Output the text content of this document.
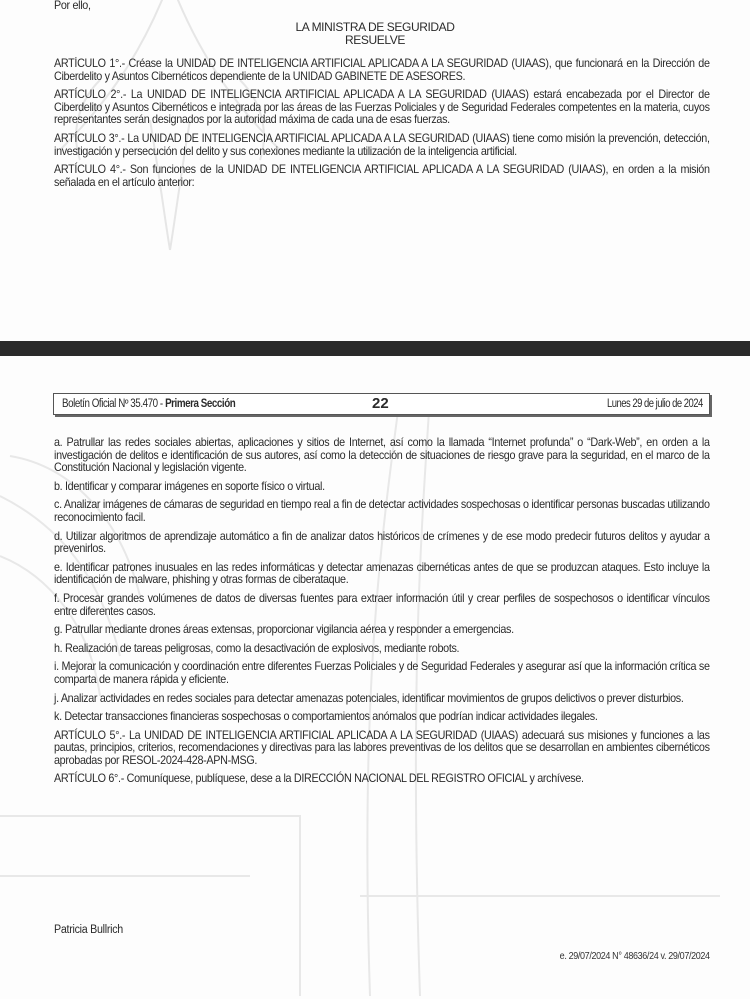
Por ello,

LA MINISTRA DE SEGURIDAD
RESUELVE

ARTÍCULO 1°.- Créase la UNIDAD DE INTELIGENCIA ARTIFICIAL APLICADA A LA SEGURIDAD (UIAAS), que funcionará en la Dirección de Ciberdelito y Asuntos Cibernéticos dependiente de la UNIDAD GABINETE DE ASESORES.

ARTÍCULO 2°.- La UNIDAD DE INTELIGENCIA ARTIFICIAL APLICADA A LA SEGURIDAD (UIAAS) estará encabezada por el Director de Ciberdelito y Asuntos Cibernéticos e integrada por las áreas de las Fuerzas Policiales y de Seguridad Federales competentes en la materia, cuyos representantes serán designados por la autoridad máxima de cada una de esas fuerzas.

ARTÍCULO 3°.- La UNIDAD DE INTELIGENCIA ARTIFICIAL APLICADA A LA SEGURIDAD (UIAAS) tiene como misión la prevención, detección, investigación y persecución del delito y sus conexiones mediante la utilización de la inteligencia artificial.

ARTÍCULO 4°.- Son funciones de la UNIDAD DE INTELIGENCIA ARTIFICIAL APLICADA A LA SEGURIDAD (UIAAS), en orden a la misión señalada en el artículo anterior:

Boletín Oficial Nº 35.470 - Primera Sección	22	Lunes 29 de julio de 2024

a. Patrullar las redes sociales abiertas, aplicaciones y sitios de Internet, así como la llamada “Internet profunda” o “Dark-Web”, en orden a la investigación de delitos e identificación de sus autores, así como la detección de situaciones de riesgo grave para la seguridad, en el marco de la Constitución Nacional y legislación vigente.

b. Identificar y comparar imágenes en soporte físico o virtual.

c. Analizar imágenes de cámaras de seguridad en tiempo real a fin de detectar actividades sospechosas o identificar personas buscadas utilizando reconocimiento facil.

d. Utilizar algoritmos de aprendizaje automático a fin de analizar datos históricos de crímenes y de ese modo predecir futuros delitos y ayudar a prevenirlos.

e. Identificar patrones inusuales en las redes informáticas y detectar amenazas cibernéticas antes de que se produzcan ataques. Esto incluye la identificación de malware, phishing y otras formas de ciberataque.

f. Procesar grandes volúmenes de datos de diversas fuentes para extraer información útil y crear perfiles de sospechosos o identificar vínculos entre diferentes casos.

g. Patrullar mediante drones áreas extensas, proporcionar vigilancia aérea y responder a emergencias.

h. Realización de tareas peligrosas, como la desactivación de explosivos, mediante robots.

i. Mejorar la comunicación y coordinación entre diferentes Fuerzas Policiales y de Seguridad Federales y asegurar así que la información crítica se comparta de manera rápida y eficiente.

j. Analizar actividades en redes sociales para detectar amenazas potenciales, identificar movimientos de grupos delictivos o prever disturbios.

k. Detectar transacciones financieras sospechosas o comportamientos anómalos que podrían indicar actividades ilegales.

ARTÍCULO 5°.- La UNIDAD DE INTELIGENCIA ARTIFICIAL APLICADA A LA SEGURIDAD (UIAAS) adecuará sus misiones y funciones a las pautas, principios, criterios, recomendaciones y directivas para las labores preventivas de los delitos que se desarrollan en ambientes cibernéticos aprobadas por RESOL-2024-428-APN-MSG.

ARTÍCULO 6°.- Comuníquese, publíquese, dese a la DIRECCIÓN NACIONAL DEL REGISTRO OFICIAL y archívese.

Patricia Bullrich
e. 29/07/2024 N° 48636/24 v. 29/07/2024
